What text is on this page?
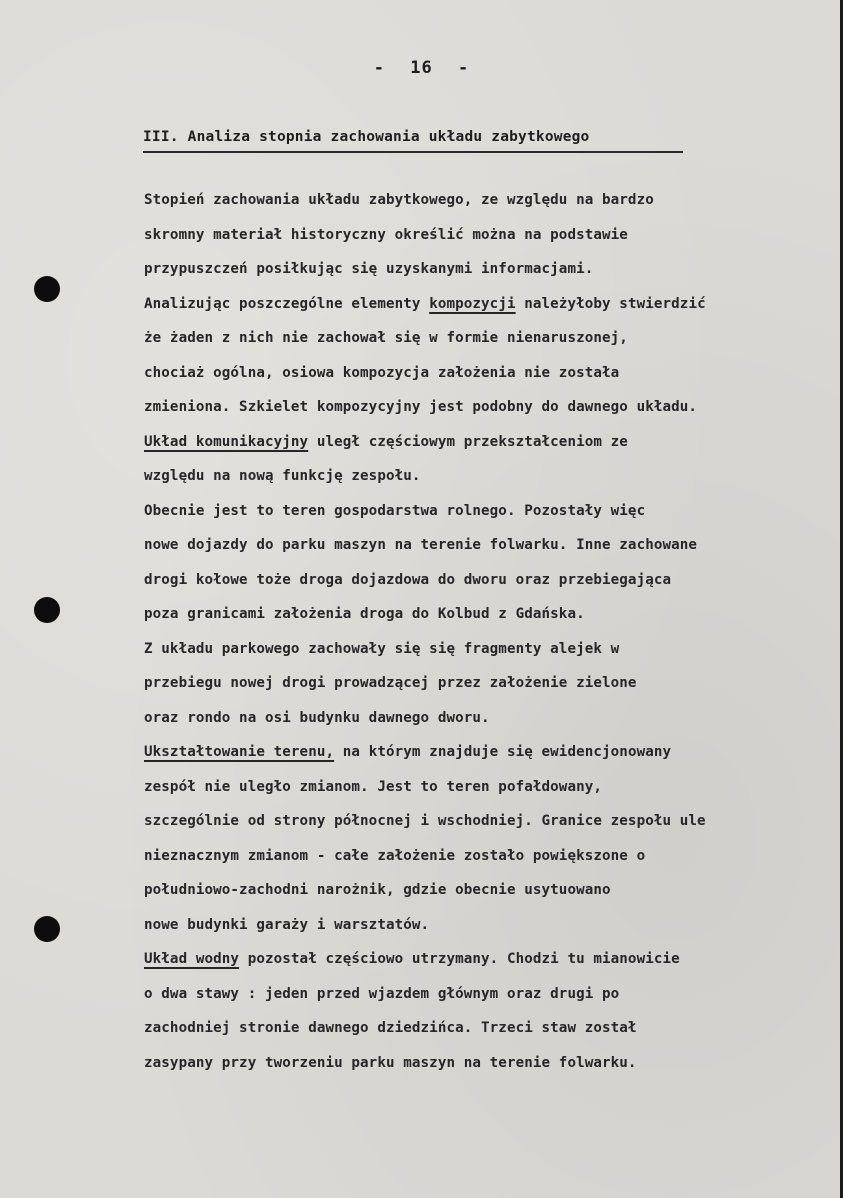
- 16 -
III. Analiza stopnia zachowania układu zabytkowego
Stopień zachowania układu zabytkowego, ze względu na bardzo
skromny materiał historyczny określić można na podstawie
przypuszczeń posiłkując się uzyskanymi informacjami.
Analizując poszczególne elementy kompozycji należyłoby stwierdzić
że żaden z nich nie zachował się w formie nienaruszonej,
chociaż ogólna, osiowa kompozycja założenia nie została
zmieniona. Szkielet kompozycyjny jest podobny do dawnego układu.
Układ komunikacyjny uległ częściowym przekształceniom ze
względu na nową funkcję zespołu.
Obecnie jest to teren gospodarstwa rolnego. Pozostały więc
nowe dojazdy do parku maszyn na terenie folwarku. Inne zachowane
drogi kołowe toże droga dojazdowa do dworu oraz przebiegająca
poza granicami założenia droga do Kolbud z Gdańska.
Z układu parkowego zachowały się się fragmenty alejek w
przebiegu nowej drogi prowadzącej przez założenie zielone
oraz rondo na osi budynku dawnego dworu.
Ukształtowanie terenu, na którym znajduje się ewidencjonowany
zespół nie uległo zmianom. Jest to teren pofałdowany,
szczególnie od strony północnej i wschodniej. Granice zespołu ule
nieznacznym zmianom - całe założenie zostało powiększone o
południowo-zachodni narożnik, gdzie obecnie usytuowano
nowe budynki garaży i warsztatów.
Układ wodny pozostał częściowo utrzymany. Chodzi tu mianowicie
o dwa stawy : jeden przed wjazdem głównym oraz drugi po
zachodniej stronie dawnego dziedzińca. Trzeci staw został
zasypany przy tworzeniu parku maszyn na terenie folwarku.
